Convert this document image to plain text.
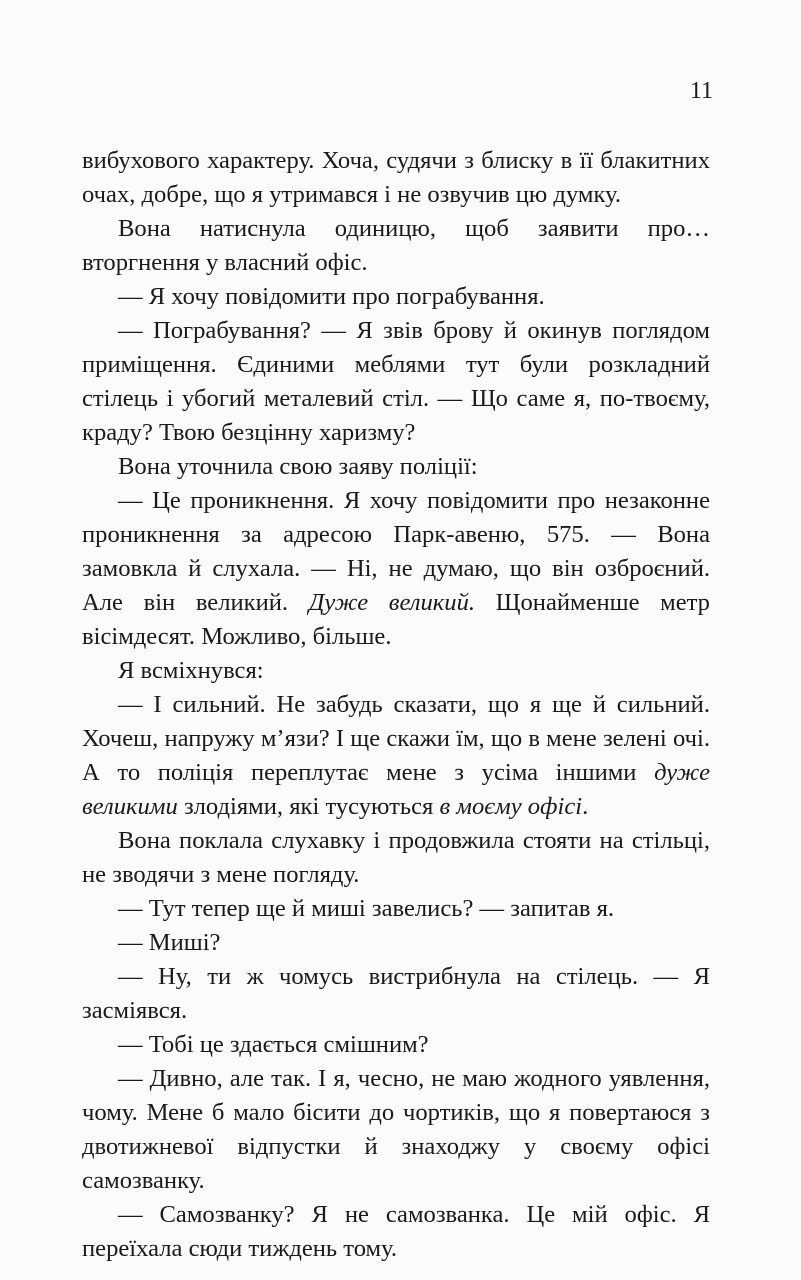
11

вибухового характеру. Хоча, судячи з блиску в її блакитних очах, добре, що я утримався і не озвучив цю думку.

Вона натиснула одиницю, щоб заявити про… вторгнення у власний офіс.

— Я хочу повідомити про пограбування.

— Пограбування? — Я звів брову й окинув поглядом приміщення. Єдиними меблями тут були розкладний стілець і убогий металевий стіл. — Що саме я, по-твоєму, краду? Твою безцінну харизму?

Вона уточнила свою заяву поліції:

— Це проникнення. Я хочу повідомити про незаконне проникнення за адресою Парк-авеню, 575. — Вона замовкла й слухала. — Ні, не думаю, що він озброєний. Але він великий. Дуже великий. Щонайменше метр вісімдесят. Можливо, більше.

Я всміхнувся:

— І сильний. Не забудь сказати, що я ще й сильний. Хочеш, напружу м’язи? І ще скажи їм, що в мене зелені очі. А то поліція переплутає мене з усіма іншими дуже великими злодіями, які тусуються в моєму офісі.

Вона поклала слухавку і продовжила стояти на стільці, не зводячи з мене погляду.

— Тут тепер ще й миші завелись? — запитав я.

— Миші?

— Ну, ти ж чомусь вистрибнула на стілець. — Я засміявся.

— Тобі це здається смішним?

— Дивно, але так. І я, чесно, не маю жодного уявлення, чому. Мене б мало бісити до чортиків, що я повертаюся з двотижневої відпустки й знаходжу у своєму офісі самозванку.

— Самозванку? Я не самозванка. Це мій офіс. Я переїхала сюди тиждень тому.
